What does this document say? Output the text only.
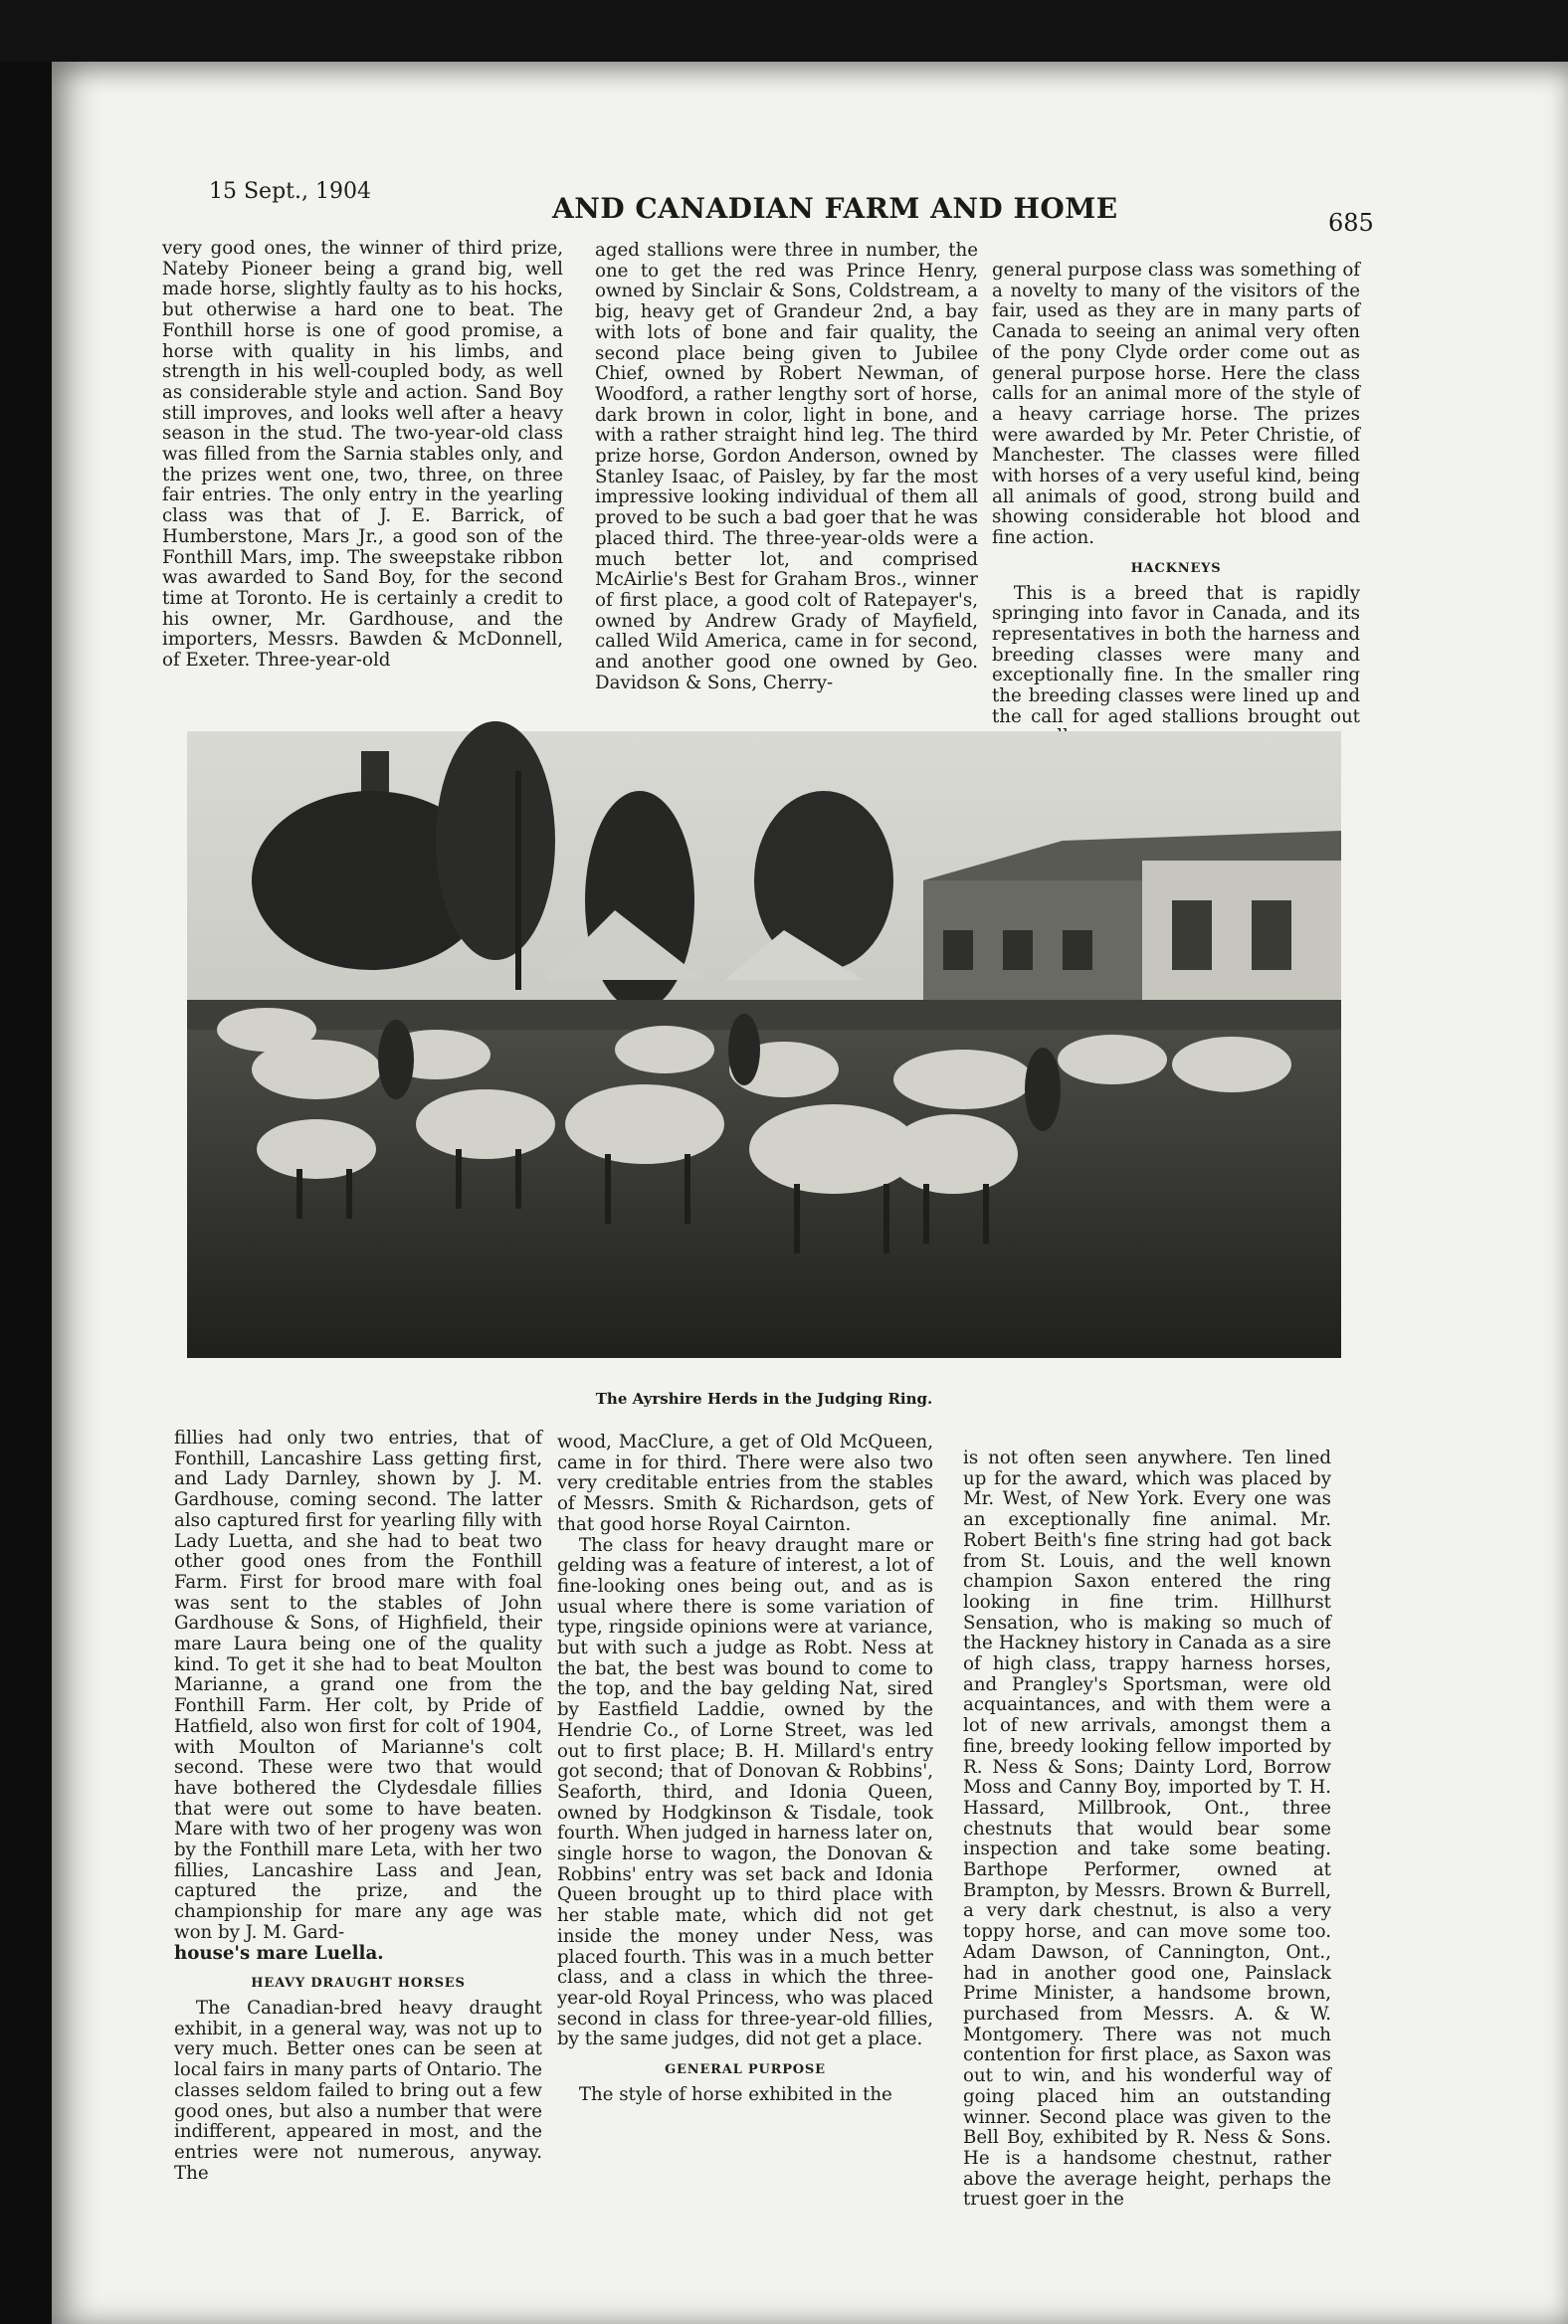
15 Sept., 1904
AND CANADIAN FARM AND HOME	685

very good ones, the winner of third prize, Nateby Pioneer being a grand big, well made horse, slightly faulty as to his hocks, but otherwise a hard one to beat. The Fonthill horse is one of good promise, a horse with quality in his limbs, and strength in his well-coupled body, as well as considerable style and action. Sand Boy still improves, and looks well after a heavy season in the stud. The two-year-old class was filled from the Sarnia stables only, and the prizes went one, two, three, on three fair entries. The only entry in the yearling class was that of J. E. Barrick, of Humberstone, Mars Jr., a good son of the Fonthill Mars, imp. The sweepstake ribbon was awarded to Sand Boy, for the second time at Toronto. He is certainly a credit to his owner, Mr. Gardhouse, and the importers, Messrs. Bawden & McDonnell, of Exeter. Three-year-old

aged stallions were three in number, the one to get the red was Prince Henry, owned by Sinclair & Sons, Coldstream, a big, heavy get of Grandeur 2nd, a bay with lots of bone and fair quality, the second place being given to Jubilee Chief, owned by Robert Newman, of Woodford, a rather lengthy sort of horse, dark brown in color, light in bone, and with a rather straight hind leg. The third prize horse, Gordon Anderson, owned by Stanley Isaac, of Paisley, by far the most impressive looking individual of them all proved to be such a bad goer that he was placed third. The three-year-olds were a much better lot, and comprised McAirlie's Best for Graham Bros., winner of first place, a good colt of Ratepayer's, owned by Andrew Grady of Mayfield, called Wild America, came in for second, and another good one owned by Geo. Davidson & Sons, Cherry-

general purpose class was something of a novelty to many of the visitors of the fair, used as they are in many parts of Canada to seeing an animal very often of the pony Clyde order come out as general purpose horse. Here the class calls for an animal more of the style of a heavy carriage horse. The prizes were awarded by Mr. Peter Christie, of Manchester. The classes were filled with horses of a very useful kind, being all animals of good, strong build and showing considerable hot blood and fine action.

HACKNEYS

This is a breed that is rapidly springing into favor in Canada, and its representatives in both the harness and breeding classes were many and exceptionally fine. In the smaller ring the breeding classes were lined up and the call for aged stallions brought out

The Ayrshire Herds in the Judging Ring.

fillies had only two entries, that of Fonthill, Lancashire Lass getting first, and Lady Darnley, shown by J. M. Gardhouse, coming second. The latter also captured first for yearling filly with Lady Luetta, and she had to beat two other good ones from the Fonthill Farm. First for brood mare with foal was sent to the stables of John Gardhouse & Sons, of Highfield, their mare Laura being one of the quality kind. To get it she had to beat Moulton Marianne, a grand one from the Fonthill Farm. Her colt, by Pride of Hatfield, also won first for colt of 1904, with Moulton of Marianne's colt second. These were two that would have bothered the Clydesdale fillies that were out some to have beaten. Mare with two of her progeny was won by the Fonthill mare Leta, with her two fillies, Lancashire Lass and Jean, captured the prize, and the championship for mare any age was won by J. M. Gard-

house's mare Luella.

HEAVY DRAUGHT HORSES

The Canadian-bred heavy draught exhibit, in a general way, was not up to very much. Better ones can be seen at local fairs in many parts of Ontario. The classes seldom failed to bring out a few good ones, but also a number that were indifferent, appeared in most, and the entries were not numerous, anyway. The

wood, MacClure, a get of Old McQueen, came in for third. There were also two very creditable entries from the stables of Messrs. Smith & Richardson, gets of that good horse Royal Cairnton.

The class for heavy draught mare or gelding was a feature of interest, a lot of fine-looking ones being out, and as is usual where there is some variation of type, ringside opinions were at variance, but with such a judge as Robt. Ness at the bat, the best was bound to come to the top, and the bay gelding Nat, sired by Eastfield Laddie, owned by the Hendrie Co., of Lorne Street, was led out to first place; B. H. Millard's entry got second; that of Donovan & Robbins', Seaforth, third, and Idonia Queen, owned by Hodgkinson & Tisdale, took fourth. When judged in harness later on, single horse to wagon, the Donovan & Robbins' entry was set back and Idonia Queen brought up to third place with her stable mate, which did not get inside the money under Ness, was placed fourth. This was in a much better class, and a class in which the three-year-old Royal Princess, who was placed second in class for three-year-old fillies, by the same judges, did not get a place.

GENERAL PURPOSE

The style of horse exhibited in the

is not often seen anywhere. Ten lined up for the award, which was placed by Mr. West, of New York. Every one was an exceptionally fine animal. Mr. Robert Beith's fine string had got back from St. Louis, and the well known champion Saxon entered the ring looking in fine trim. Hillhurst Sensation, who is making so much of the Hackney history in Canada as a sire of high class, trappy harness horses, and Prangley's Sportsman, were old acquaintances, and with them were a lot of new arrivals, amongst them a fine, breedy looking fellow imported by R. Ness & Sons; Dainty Lord, Borrow Moss and Canny Boy, imported by T. H. Hassard, Millbrook, Ont., three chestnuts that would bear some inspection and take some beating. Barthope Performer, owned at Brampton, by Messrs. Brown & Burrell, a very dark chestnut, is also a very toppy horse, and can move some too. Adam Dawson, of Cannington, Ont., had in another good one, Painslack Prime Minister, a handsome brown, purchased from Messrs. A. & W. Montgomery. There was not much contention for first place, as Saxon was out to win, and his wonderful way of going placed him an outstanding winner. Second place was given to the Bell Boy, exhibited by R. Ness & Sons. He is a handsome chestnut, rather above the average height, perhaps the truest goer in the
